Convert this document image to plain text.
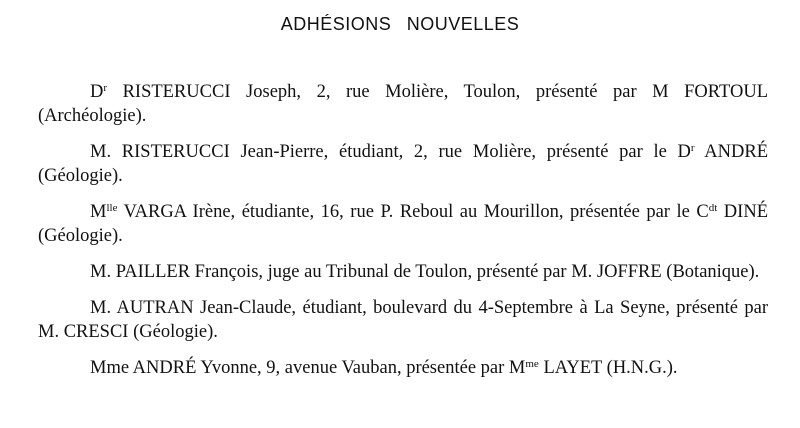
ADHÉSIONS NOUVELLES

$D^r$ RISTERUCCI Joseph, 2, rue Molière, Toulon, présenté par M FORTOUL (Archéologie).

M. RISTERUCCI Jean-Pierre, étudiant, 2, rue Molière, présenté par le $D^r$ ANDRÉ (Géologie).

$M^{lle}$ VARGA Irène, étudiante, 16, rue P. Reboul au Mourillon, présentée par le $C^{dt}$ DINÉ (Géologie).

M. PAILLER François, juge au Tribunal de Toulon, présenté par M. JOFFRE (Botanique).

M. AUTRAN Jean-Claude, étudiant, boulevard du 4-Septembre à La Seyne, présenté par M. CRESCI (Géologie).

Mme ANDRÉ Yvonne, 9, avenue Vauban, présentée par $M^{me}$ LAYET (H.N.G.).
